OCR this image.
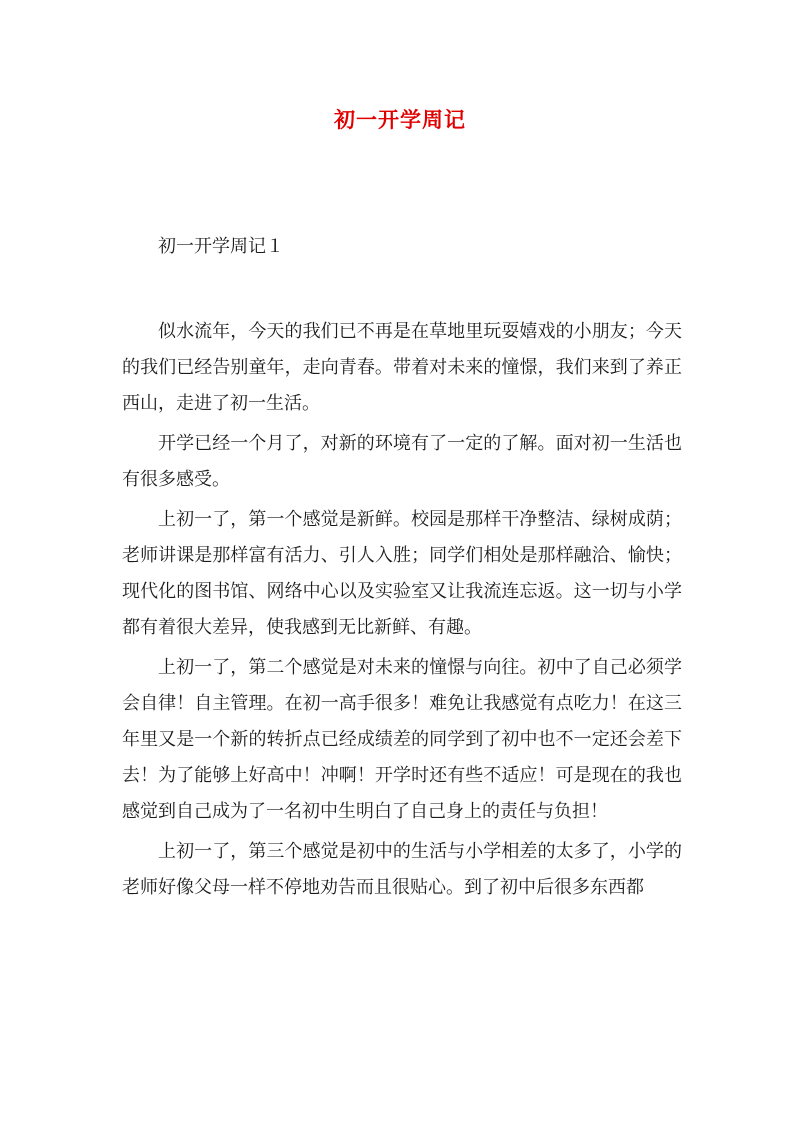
初一开学周记
初一开学周记１

似水流年，今天的我们已不再是在草地里玩耍嬉戏的小朋友；今天的我们已经告别童年，走向青春。带着对未来的憧憬，我们来到了养正西山，走进了初一生活。

开学已经一个月了，对新的环境有了一定的了解。面对初一生活也有很多感受。

上初一了，第一个感觉是新鲜。校园是那样干净整洁、绿树成荫；老师讲课是那样富有活力、引人入胜；同学们相处是那样融洽、愉快；现代化的图书馆、网络中心以及实验室又让我流连忘返。这一切与小学都有着很大差异，使我感到无比新鲜、有趣。

上初一了，第二个感觉是对未来的憧憬与向往。初中了自己必须学会自律！自主管理。在初一高手很多！难免让我感觉有点吃力！在这三年里又是一个新的转折点已经成绩差的同学到了初中也不一定还会差下去！为了能够上好高中！冲啊！开学时还有些不适应！可是现在的我也感觉到自己成为了一名初中生明白了自己身上的责任与负担！

上初一了，第三个感觉是初中的生活与小学相差的太多了，小学的老师好像父母一样不停地劝告而且很贴心。到了初中后很多东西都
